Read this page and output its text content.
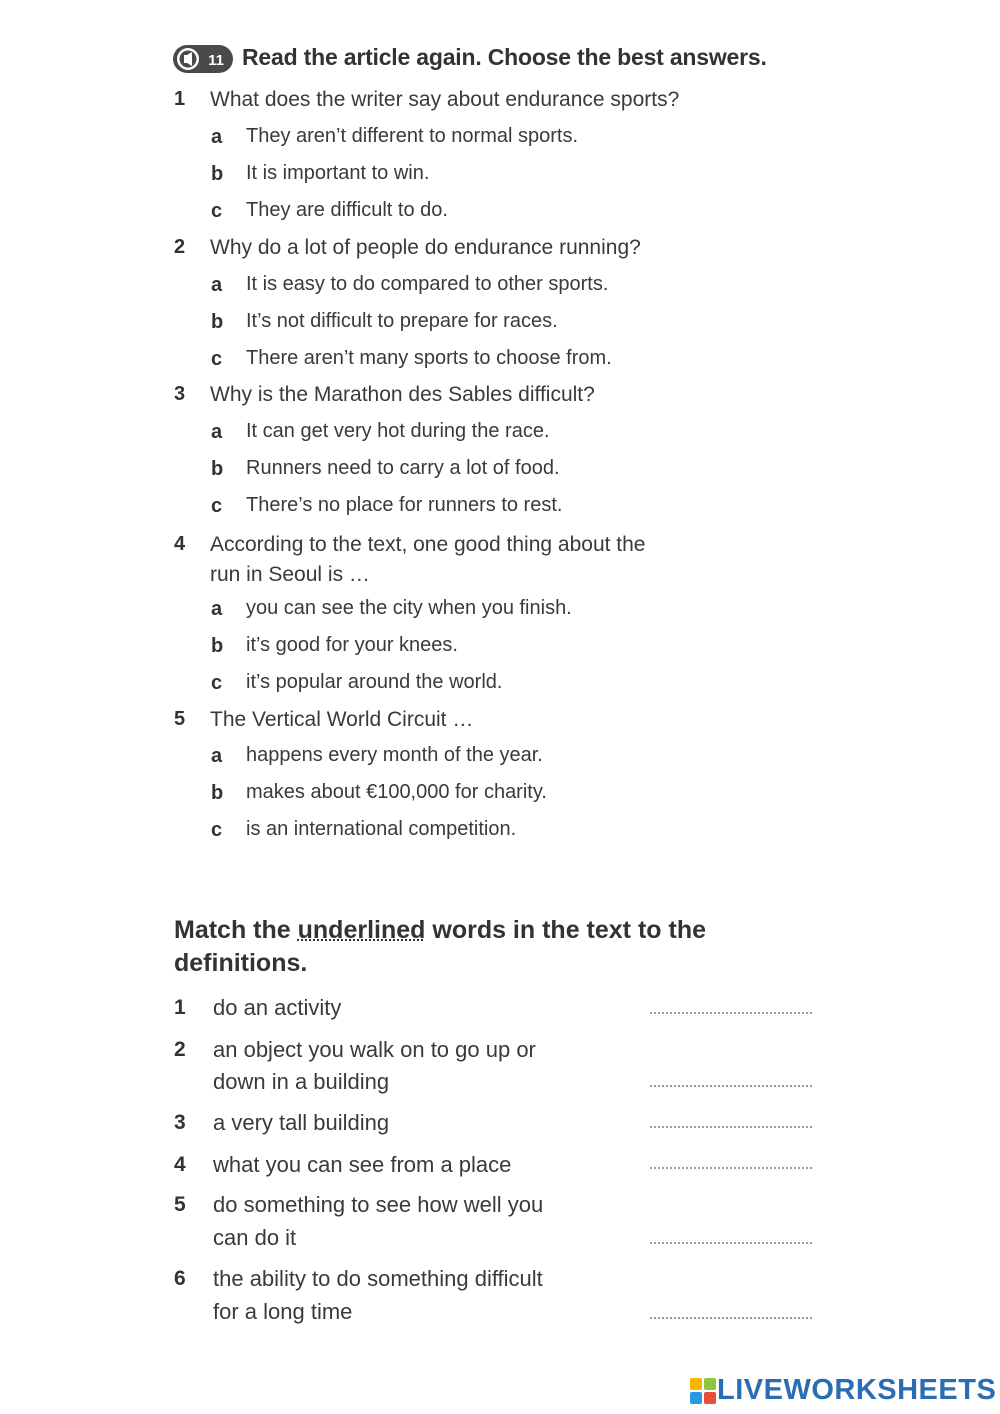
11 Read the article again. Choose the best answers.
1 What does the writer say about endurance sports?
a They aren’t different to normal sports.
b It is important to win.
c They are difficult to do.
2 Why do a lot of people do endurance running?
a It is easy to do compared to other sports.
b It’s not difficult to prepare for races.
c There aren’t many sports to choose from.
3 Why is the Marathon des Sables difficult?
a It can get very hot during the race.
b Runners need to carry a lot of food.
c There’s no place for runners to rest.
4 According to the text, one good thing about the
run in Seoul is …
a you can see the city when you finish.
b it’s good for your knees.
c it’s popular around the world.
5 The Vertical World Circuit …
a happens every month of the year.
b makes about €100,000 for charity.
c is an international competition.
Match the underlined words in the text to the definitions.
1 do an activity
2 an object you walk on to go up or
down in a building
3 a very tall building
4 what you can see from a place
5 do something to see how well you
can do it
6 the ability to do something difficult
for a long time
LIVEWORKSHEETS
